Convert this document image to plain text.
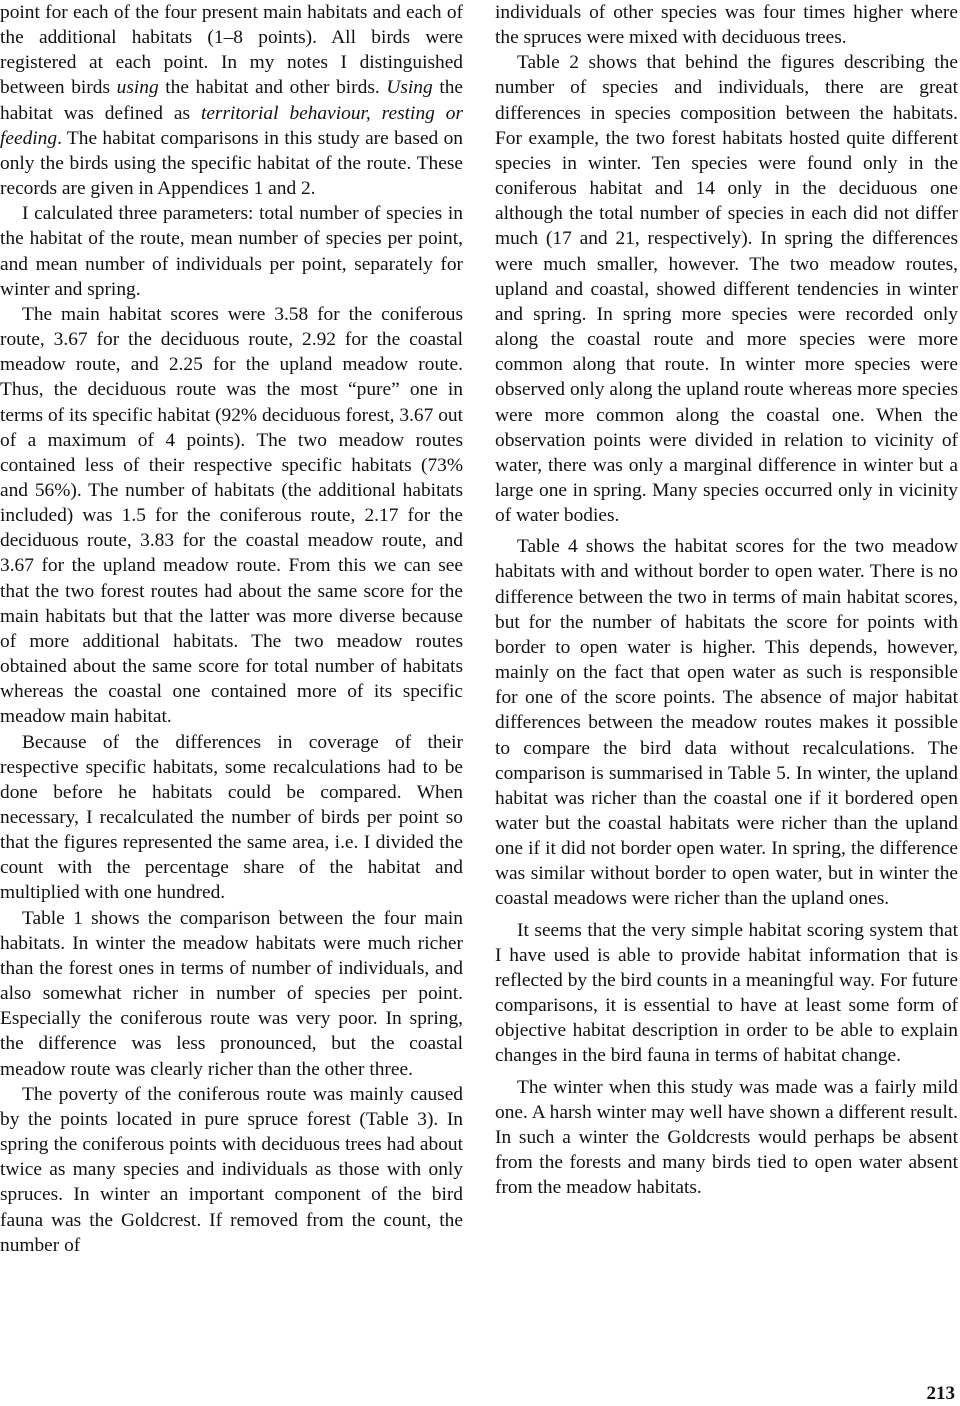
point for each of the four present main habitats and each of the additional habitats (1–8 points). All birds were registered at each point. In my notes I distinguished between birds using the habitat and other birds. Using the habitat was defined as territorial behaviour, resting or feeding. The habitat comparisons in this study are based on only the birds using the specific habitat of the route. These records are given in Appendices 1 and 2.

I calculated three parameters: total number of species in the habitat of the route, mean number of species per point, and mean number of individuals per point, separately for winter and spring.

The main habitat scores were 3.58 for the coniferous route, 3.67 for the deciduous route, 2.92 for the coastal meadow route, and 2.25 for the upland meadow route. Thus, the deciduous route was the most “pure” one in terms of its specific habitat (92% deciduous forest, 3.67 out of a maximum of 4 points). The two meadow routes contained less of their respective specific habitats (73% and 56%). The number of habitats (the additional habitats included) was 1.5 for the coniferous route, 2.17 for the deciduous route, 3.83 for the coastal meadow route, and 3.67 for the upland meadow route. From this we can see that the two forest routes had about the same score for the main habitats but that the latter was more diverse because of more additional habitats. The two meadow routes obtained about the same score for total number of habitats whereas the coastal one contained more of its specific meadow main habitat.

Because of the differences in coverage of their respective specific habitats, some recalculations had to be done before he habitats could be compared. When necessary, I recalculated the number of birds per point so that the figures represented the same area, i.e. I divided the count with the percentage share of the habitat and multiplied with one hundred.

Table 1 shows the comparison between the four main habitats. In winter the meadow habitats were much richer than the forest ones in terms of number of individuals, and also somewhat richer in number of species per point. Especially the coniferous route was very poor. In spring, the difference was less pronounced, but the coastal meadow route was clearly richer than the other three.

The poverty of the coniferous route was mainly caused by the points located in pure spruce forest (Table 3). In spring the coniferous points with deciduous trees had about twice as many species and individuals as those with only spruces. In winter an important component of the bird fauna was the Goldcrest. If removed from the count, the number of

individuals of other species was four times higher where the spruces were mixed with deciduous trees.

Table 2 shows that behind the figures describing the number of species and individuals, there are great differences in species composition between the habitats. For example, the two forest habitats hosted quite different species in winter. Ten species were found only in the coniferous habitat and 14 only in the deciduous one although the total number of species in each did not differ much (17 and 21, respectively). In spring the differences were much smaller, however. The two meadow routes, upland and coastal, showed different tendencies in winter and spring. In spring more species were recorded only along the coastal route and more species were more common along that route. In winter more species were observed only along the upland route whereas more species were more common along the coastal one. When the observation points were divided in relation to vicinity of water, there was only a marginal difference in winter but a large one in spring. Many species occurred only in vicinity of water bodies.

Table 4 shows the habitat scores for the two meadow habitats with and without border to open water. There is no difference between the two in terms of main habitat scores, but for the number of habitats the score for points with border to open water is higher. This depends, however, mainly on the fact that open water as such is responsible for one of the score points. The absence of major habitat differences between the meadow routes makes it possible to compare the bird data without recalculations. The comparison is summarised in Table 5. In winter, the upland habitat was richer than the coastal one if it bordered open water but the coastal habitats were richer than the upland one if it did not border open water. In spring, the difference was similar without border to open water, but in winter the coastal meadows were richer than the upland ones.

It seems that the very simple habitat scoring system that I have used is able to provide habitat information that is reflected by the bird counts in a meaningful way. For future comparisons, it is essential to have at least some form of objective habitat description in order to be able to explain changes in the bird fauna in terms of habitat change.

The winter when this study was made was a fairly mild one. A harsh winter may well have shown a different result. In such a winter the Goldcrests would perhaps be absent from the forests and many birds tied to open water absent from the meadow habitats.

213
